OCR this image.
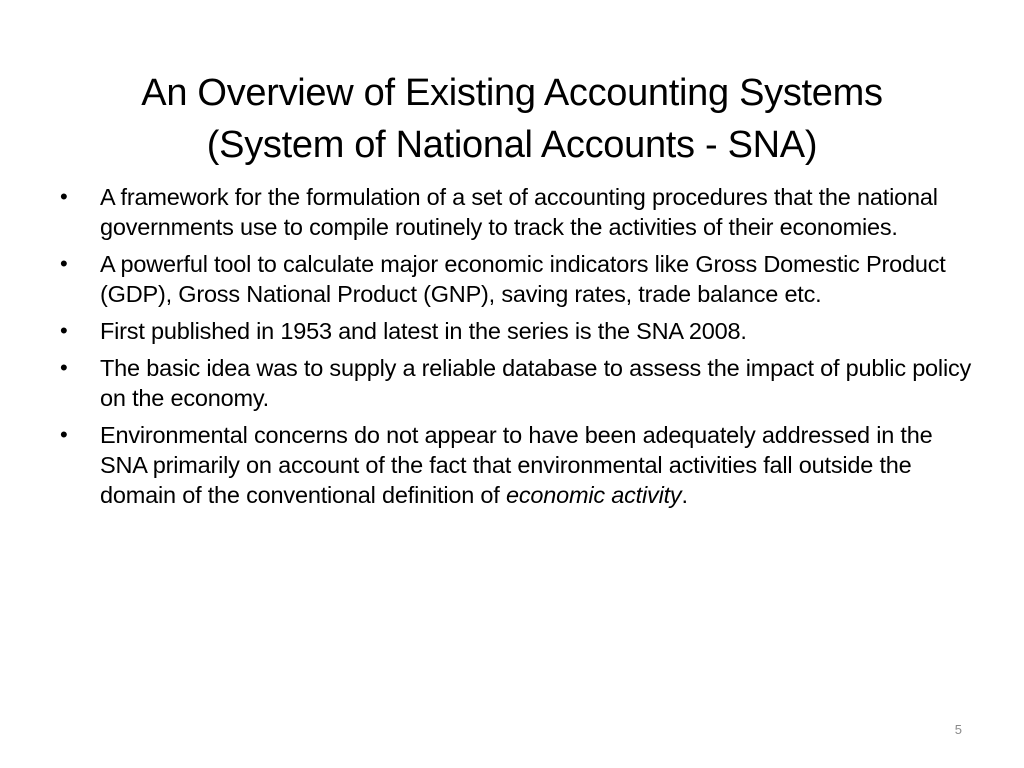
An Overview of Existing Accounting Systems
(System of National Accounts - SNA)
• A framework for the formulation of a set of accounting procedures that the national governments use to compile routinely to track the activities of their economies.
• A powerful tool to calculate major economic indicators like Gross Domestic Product (GDP), Gross National Product (GNP), saving rates, trade balance etc.
• First published in 1953 and latest in the series is the SNA 2008.
• The basic idea was to supply a reliable database to assess the impact of public policy on the economy.
• Environmental concerns do not appear to have been adequately addressed in the SNA primarily on account of the fact that environmental activities fall outside the domain of the conventional definition of economic activity.
5
